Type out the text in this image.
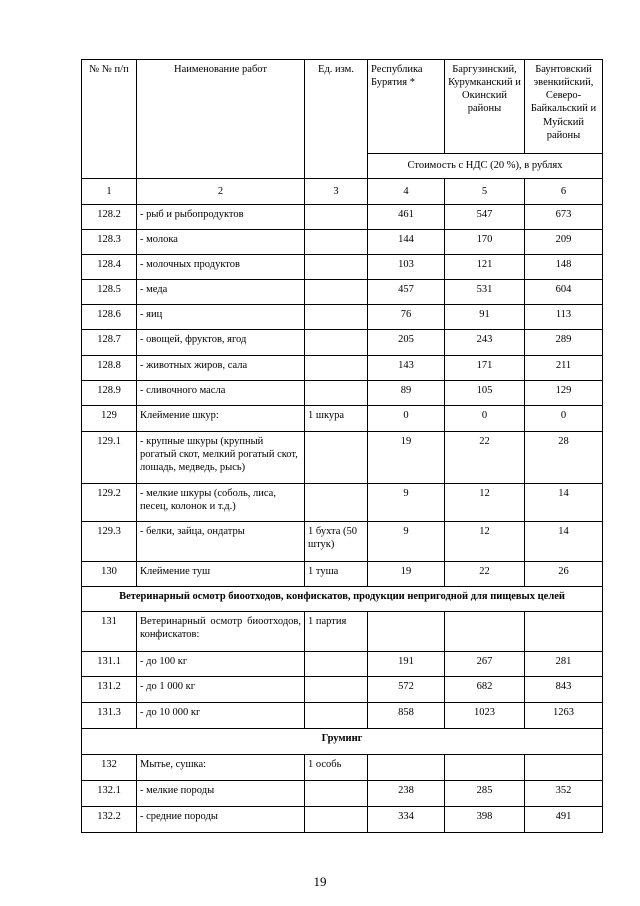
№ № п/п	Наименование работ	Ед. изм.	Республика Бурятия *	Баргузинский, Курумканский и Окинский районы	Баунтовский эвенкийский, Северо-Байкальский и Муйский районы
			Стоимость с НДС (20 %), в рублях		
1	2	3	4	5	6
128.2	- рыб и рыбопродуктов		461	547	673
128.3	- молока		144	170	209
128.4	- молочных продуктов		103	121	148
128.5	- меда		457	531	604
128.6	- яиц		76	91	113
128.7	- овощей, фруктов, ягод		205	243	289
128.8	- животных жиров, сала		143	171	211
128.9	- сливочного масла		89	105	129
129	Клеймение шкур:	1 шкура	0	0	0
129.1	- крупные шкуры (крупный рогатый скот, мелкий рогатый скот, лошадь, медведь, рысь)		19	22	28
129.2	- мелкие шкуры (соболь, лиса, песец, колонок и т.д.)		9	12	14
129.3	- белки, зайца, ондатры	1 бухта (50 штук)	9	12	14
130	Клеймение туш	1 туша	19	22	26
Ветеринарный осмотр биоотходов, конфискатов, продукции непригодной для пищевых целей					
131	Ветеринарный осмотр биоотходов, конфискатов:	1 партия			
131.1	- до 100 кг		191	267	281
131.2	- до 1 000 кг		572	682	843
131.3	- до 10 000 кг		858	1023	1263
Груминг					
132	Мытье, сушка:	1 особь			
132.1	- мелкие породы		238	285	352
132.2	- средние породы		334	398	491
19
